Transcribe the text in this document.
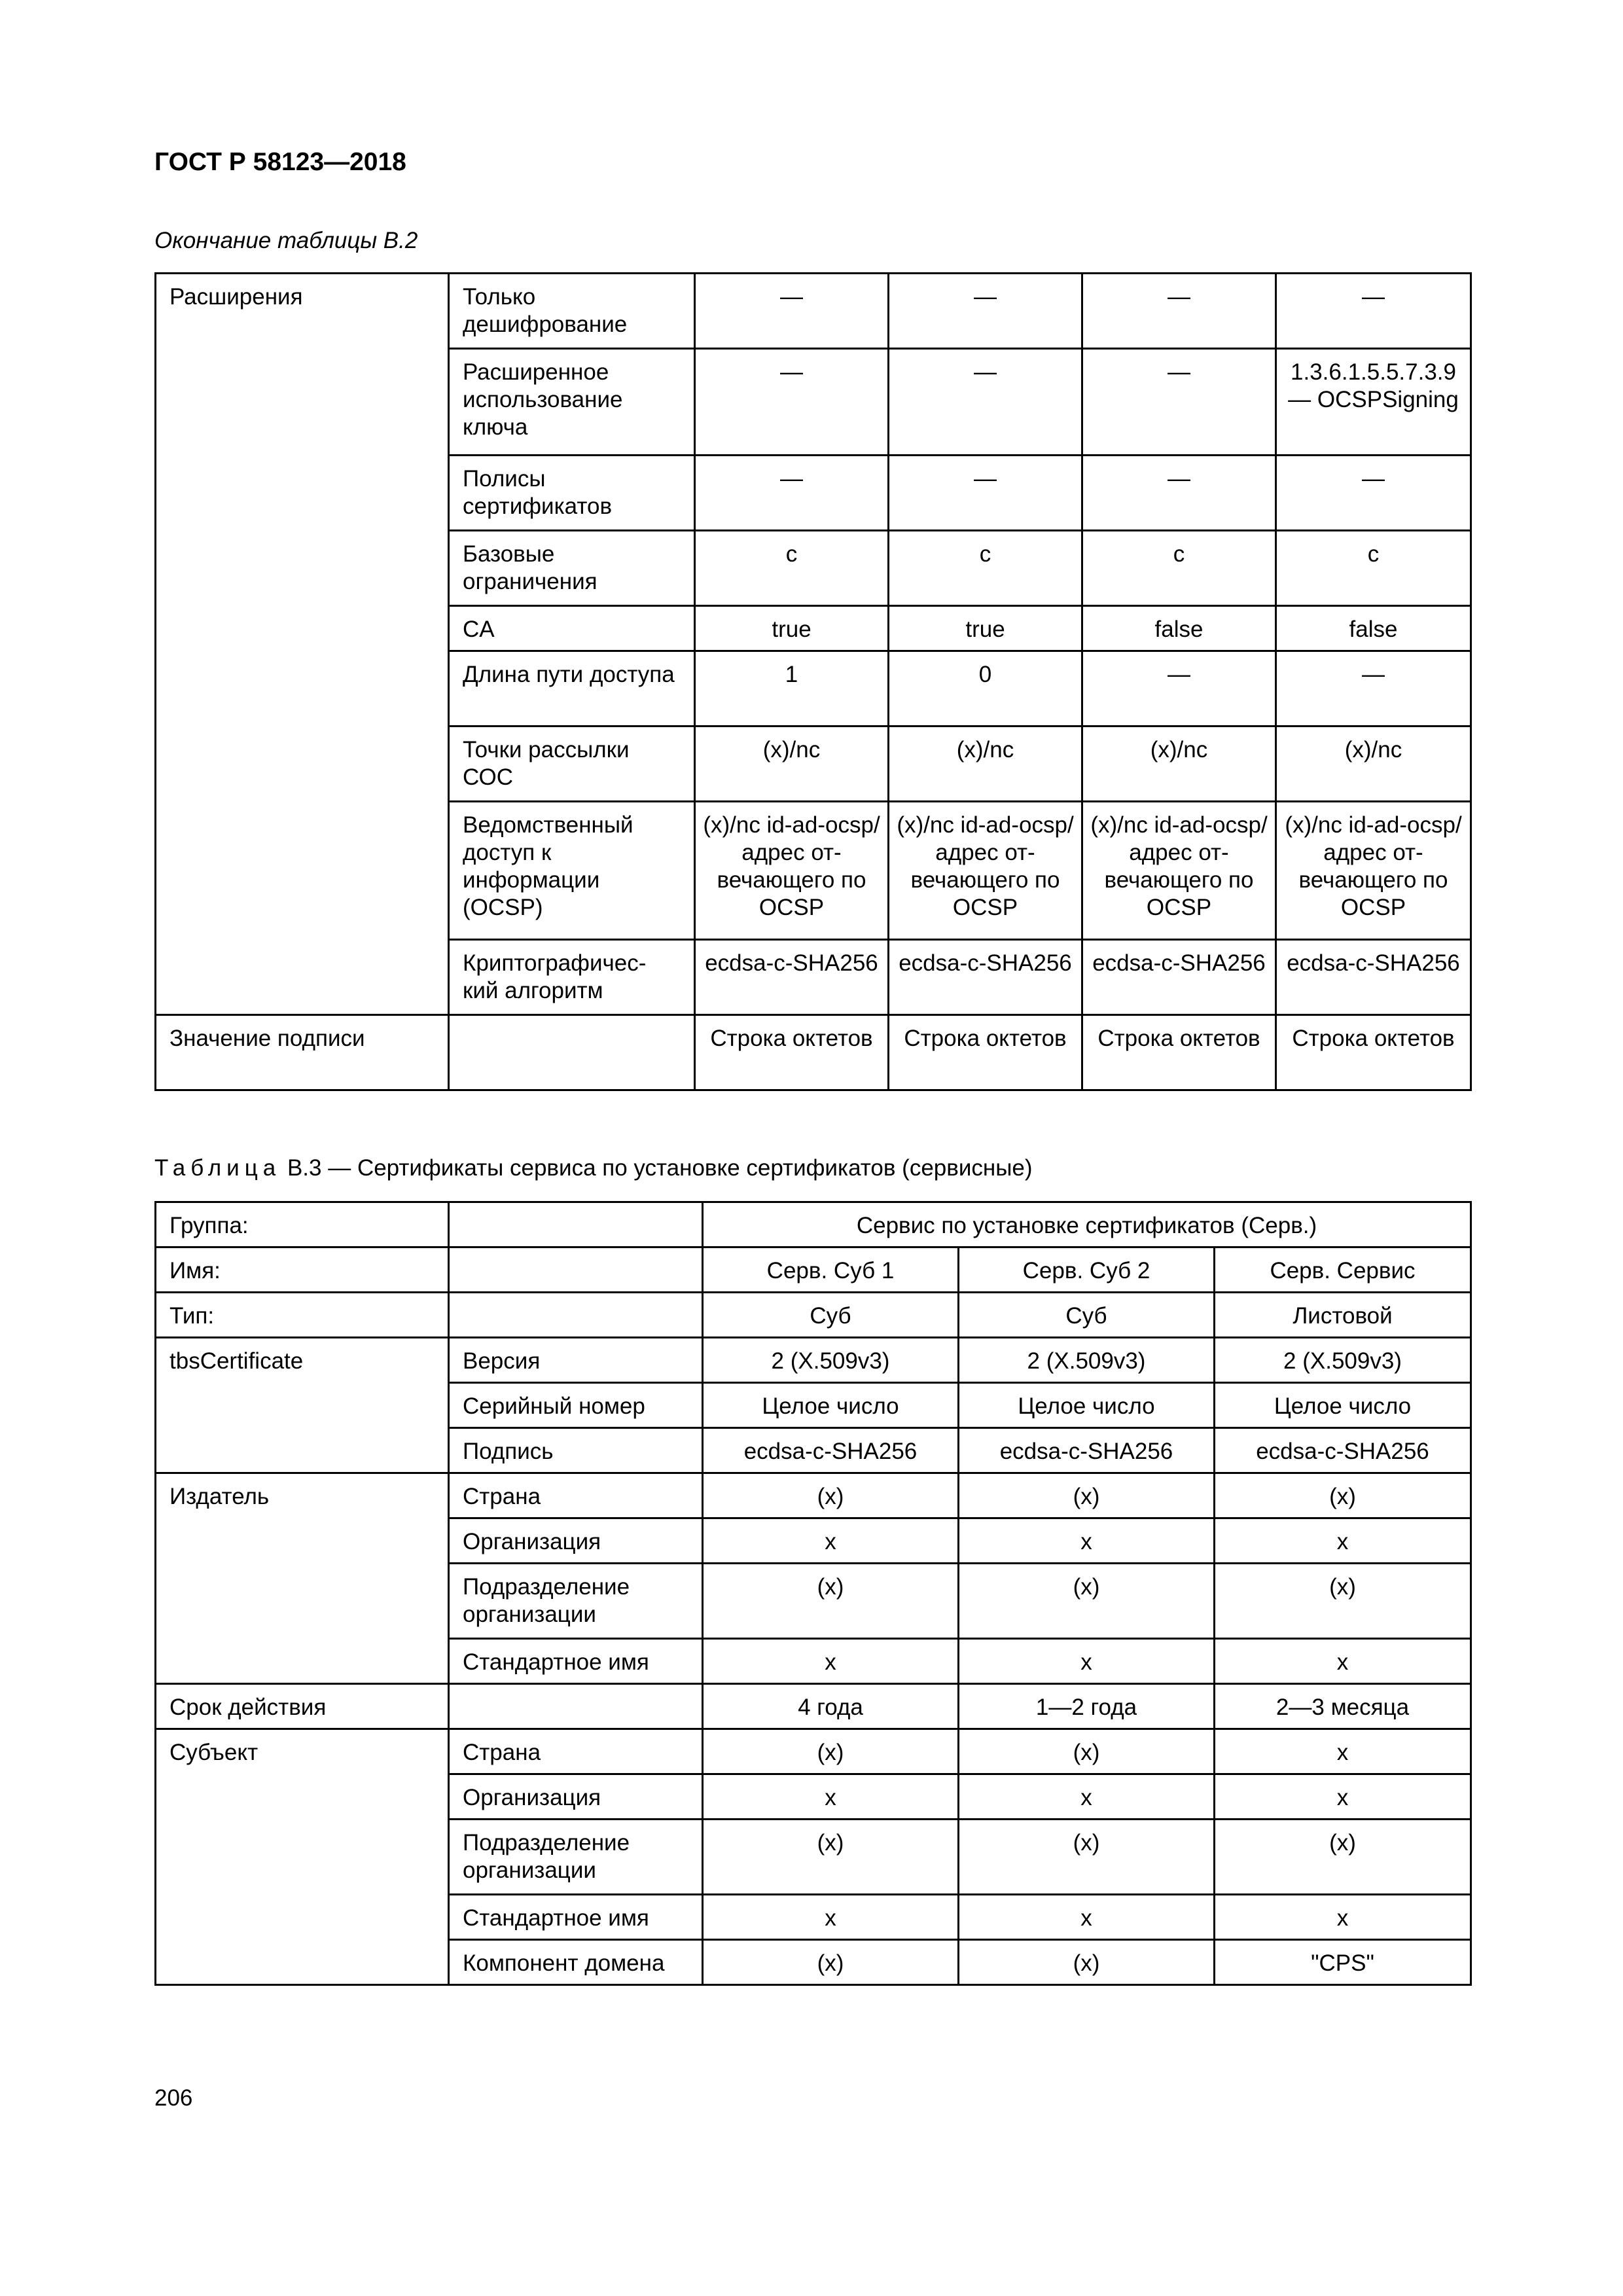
ГОСТ Р 58123—2018
Окончание таблицы В.2
Расширения	Только дешифрование	—	—	—	—
	Расширенное использование ключа	—	—	—	1.3.6.1.5.5.7.3.9 — OCSPSigning
	Полисы сертификатов	—	—	—	—
	Базовые ограничения	c	c	c	c
	CA	true	true	false	false
	Длина пути доступа	1	0	—	—
	Точки рассылки СОС	(x)/nc	(x)/nc	(x)/nc	(x)/nc
	Ведомственный доступ к информации (OCSP)	(x)/nc id-ad-ocsp/ адрес от-вечающего по OCSP	(x)/nc id-ad-ocsp/ адрес от-вечающего по OCSP	(x)/nc id-ad-ocsp/ адрес от-вечающего по OCSP	(x)/nc id-ad-ocsp/ адрес от-вечающего по OCSP
	Криптографичес-кий алгоритм	ecdsa-c-SHA256	ecdsa-c-SHA256	ecdsa-c-SHA256	ecdsa-c-SHA256
Значение подписи		Строка октетов	Строка октетов	Строка октетов	Строка октетов
Таблица В.3 — Сертификаты сервиса по установке сертификатов (сервисные)
Группа:		Сервис по установке сертификатов (Серв.)		
Имя:		Серв. Суб 1	Серв. Суб 2	Серв. Сервис
Тип:		Суб	Суб	Листовой
tbsCertificate	Версия	2 (X.509v3)	2 (X.509v3)	2 (X.509v3)
	Серийный номер	Целое число	Целое число	Целое число
	Подпись	ecdsa-c-SHA256	ecdsa-c-SHA256	ecdsa-c-SHA256
Издатель	Страна	(x)	(x)	(x)
	Организация	x	x	x
	Подразделение организации	(x)	(x)	(x)
	Стандартное имя	x	x	x
Срок действия		4 года	1—2 года	2—3 месяца
Субъект	Страна	(x)	(x)	x
	Организация	x	x	x
	Подразделение организации	(x)	(x)	(x)
	Стандартное имя	x	x	x
	Компонент домена	(x)	(x)	"CPS"
206
